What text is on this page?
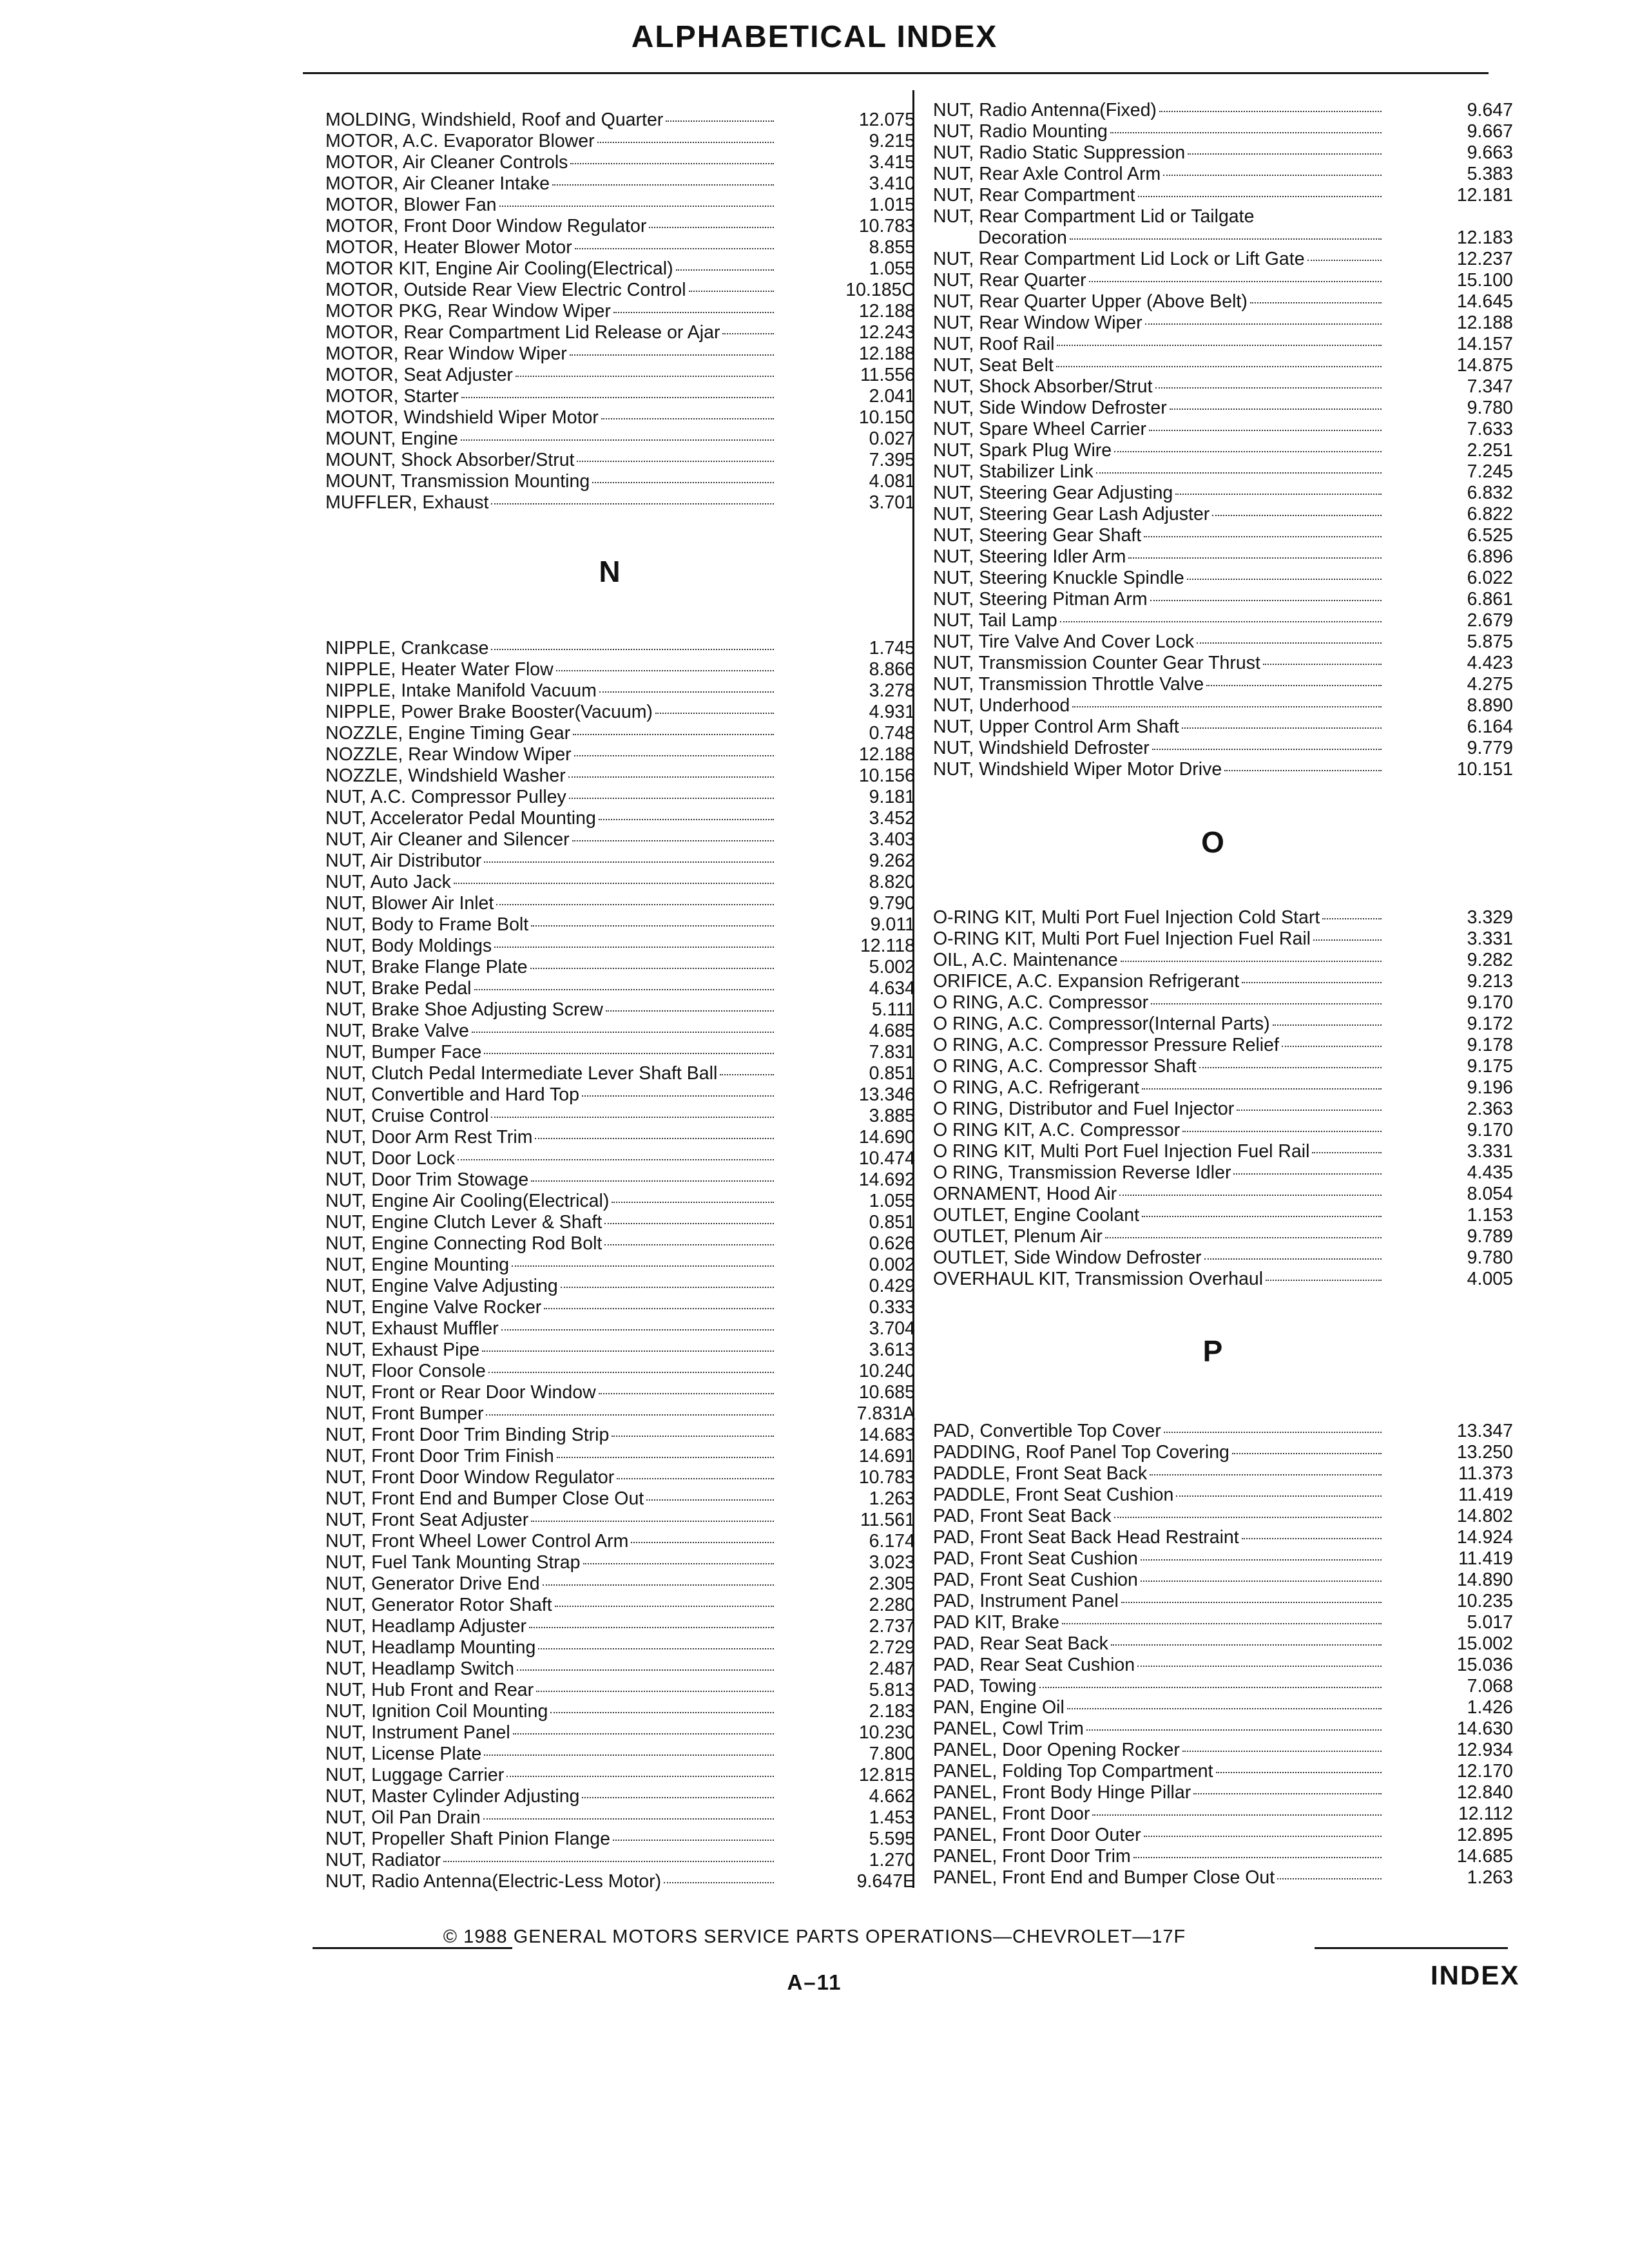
ALPHABETICAL INDEX
MOLDING, Windshield, Roof and Quarter	12.075
MOTOR, A.C. Evaporator Blower	9.215
MOTOR, Air Cleaner Controls	3.415
MOTOR, Air Cleaner Intake	3.410
MOTOR, Blower Fan	1.015
MOTOR, Front Door Window Regulator	10.783
MOTOR, Heater Blower Motor	8.855
MOTOR KIT, Engine Air Cooling(Electrical)	1.055
MOTOR, Outside Rear View Electric Control	10.185C
MOTOR PKG, Rear Window Wiper	12.188
MOTOR, Rear Compartment Lid Release or Ajar	12.243
MOTOR, Rear Window Wiper	12.188
MOTOR, Seat Adjuster	11.556
MOTOR, Starter	2.041
MOTOR, Windshield Wiper Motor	10.150
MOUNT, Engine	0.027
MOUNT, Shock Absorber/Strut	7.395
MOUNT, Transmission Mounting	4.081
MUFFLER, Exhaust	3.701
NIPPLE, Crankcase	1.745
NIPPLE, Heater Water Flow	8.866
NIPPLE, Intake Manifold Vacuum	3.278
NIPPLE, Power Brake Booster(Vacuum)	4.931
NOZZLE, Engine Timing Gear	0.748
NOZZLE, Rear Window Wiper	12.188
NOZZLE, Windshield Washer	10.156
NUT, A.C. Compressor Pulley	9.181
NUT, Accelerator Pedal Mounting	3.452
NUT, Air Cleaner and Silencer	3.403
NUT, Air Distributor	9.262
NUT, Auto Jack	8.820
NUT, Blower Air Inlet	9.790
NUT, Body to Frame Bolt	9.011
NUT, Body Moldings	12.118
NUT, Brake Flange Plate	5.002
NUT, Brake Pedal	4.634
NUT, Brake Shoe Adjusting Screw	5.111
NUT, Brake Valve	4.685
NUT, Bumper Face	7.831
NUT, Clutch Pedal Intermediate Lever Shaft Ball	0.851
NUT, Convertible and Hard Top	13.346
NUT, Cruise Control	3.885
NUT, Door Arm Rest Trim	14.690
NUT, Door Lock	10.474
NUT, Door Trim Stowage	14.692
NUT, Engine Air Cooling(Electrical)	1.055
NUT, Engine Clutch Lever & Shaft	0.851
NUT, Engine Connecting Rod Bolt	0.626
NUT, Engine Mounting	0.002
NUT, Engine Valve Adjusting	0.429
NUT, Engine Valve Rocker	0.333
NUT, Exhaust Muffler	3.704
NUT, Exhaust Pipe	3.613
NUT, Floor Console	10.240
NUT, Front or Rear Door Window	10.685
NUT, Front Bumper	7.831A
NUT, Front Door Trim Binding Strip	14.683
NUT, Front Door Trim Finish	14.691
NUT, Front Door Window Regulator	10.783
NUT, Front End and Bumper Close Out	1.263
NUT, Front Seat Adjuster	11.561
NUT, Front Wheel Lower Control Arm	6.174
NUT, Fuel Tank Mounting Strap	3.023
NUT, Generator Drive End	2.305
NUT, Generator Rotor Shaft	2.280
NUT, Headlamp Adjuster	2.737
NUT, Headlamp Mounting	2.729
NUT, Headlamp Switch	2.487
NUT, Hub Front and Rear	5.813
NUT, Ignition Coil Mounting	2.183
NUT, Instrument Panel	10.230
NUT, License Plate	7.800
NUT, Luggage Carrier	12.815
NUT, Master Cylinder Adjusting	4.662
NUT, Oil Pan Drain	1.453
NUT, Propeller Shaft Pinion Flange	5.595
NUT, Radiator	1.270
NUT, Radio Antenna(Electric-Less Motor)	9.647E
NUT, Radio Antenna(Fixed)	9.647
NUT, Radio Mounting	9.667
NUT, Radio Static Suppression	9.663
NUT, Rear Axle Control Arm	5.383
NUT, Rear Compartment	12.181
NUT, Rear Compartment Lid or Tailgate
Decoration	12.183
NUT, Rear Compartment Lid Lock or Lift Gate	12.237
NUT, Rear Quarter	15.100
NUT, Rear Quarter Upper (Above Belt)	14.645
NUT, Rear Window Wiper	12.188
NUT, Roof Rail	14.157
NUT, Seat Belt	14.875
NUT, Shock Absorber/Strut	7.347
NUT, Side Window Defroster	9.780
NUT, Spare Wheel Carrier	7.633
NUT, Spark Plug Wire	2.251
NUT, Stabilizer Link	7.245
NUT, Steering Gear Adjusting	6.832
NUT, Steering Gear Lash Adjuster	6.822
NUT, Steering Gear Shaft	6.525
NUT, Steering Idler Arm	6.896
NUT, Steering Knuckle Spindle	6.022
NUT, Steering Pitman Arm	6.861
NUT, Tail Lamp	2.679
NUT, Tire Valve And Cover Lock	5.875
NUT, Transmission Counter Gear Thrust	4.423
NUT, Transmission Throttle Valve	4.275
NUT, Underhood	8.890
NUT, Upper Control Arm Shaft	6.164
NUT, Windshield Defroster	9.779
NUT, Windshield Wiper Motor Drive	10.151
O-RING KIT, Multi Port Fuel Injection Cold Start	3.329
O-RING KIT, Multi Port Fuel Injection Fuel Rail	3.331
OIL, A.C. Maintenance	9.282
ORIFICE, A.C. Expansion Refrigerant	9.213
O RING, A.C. Compressor	9.170
O RING, A.C. Compressor(Internal Parts)	9.172
O RING, A.C. Compressor Pressure Relief	9.178
O RING, A.C. Compressor Shaft	9.175
O RING, A.C. Refrigerant	9.196
O RING, Distributor and Fuel Injector	2.363
O RING KIT, A.C. Compressor	9.170
O RING KIT, Multi Port Fuel Injection Fuel Rail	3.331
O RING, Transmission Reverse Idler	4.435
ORNAMENT, Hood Air	8.054
OUTLET, Engine Coolant	1.153
OUTLET, Plenum Air	9.789
OUTLET, Side Window Defroster	9.780
OVERHAUL KIT, Transmission Overhaul	4.005
PAD, Convertible Top Cover	13.347
PADDING, Roof Panel Top Covering	13.250
PADDLE, Front Seat Back	11.373
PADDLE, Front Seat Cushion	11.419
PAD, Front Seat Back	14.802
PAD, Front Seat Back Head Restraint	14.924
PAD, Front Seat Cushion	11.419
PAD, Front Seat Cushion	14.890
PAD, Instrument Panel	10.235
PAD KIT, Brake	5.017
PAD, Rear Seat Back	15.002
PAD, Rear Seat Cushion	15.036
PAD, Towing	7.068
PAN, Engine Oil	1.426
PANEL, Cowl Trim	14.630
PANEL, Door Opening Rocker	12.934
PANEL, Folding Top Compartment	12.170
PANEL, Front Body Hinge Pillar	12.840
PANEL, Front Door	12.112
PANEL, Front Door Outer	12.895
PANEL, Front Door Trim	14.685
PANEL, Front End and Bumper Close Out	1.263
N
O
P
© 1988 GENERAL MOTORS SERVICE PARTS OPERATIONS—CHEVROLET—17F
A–11	INDEX
